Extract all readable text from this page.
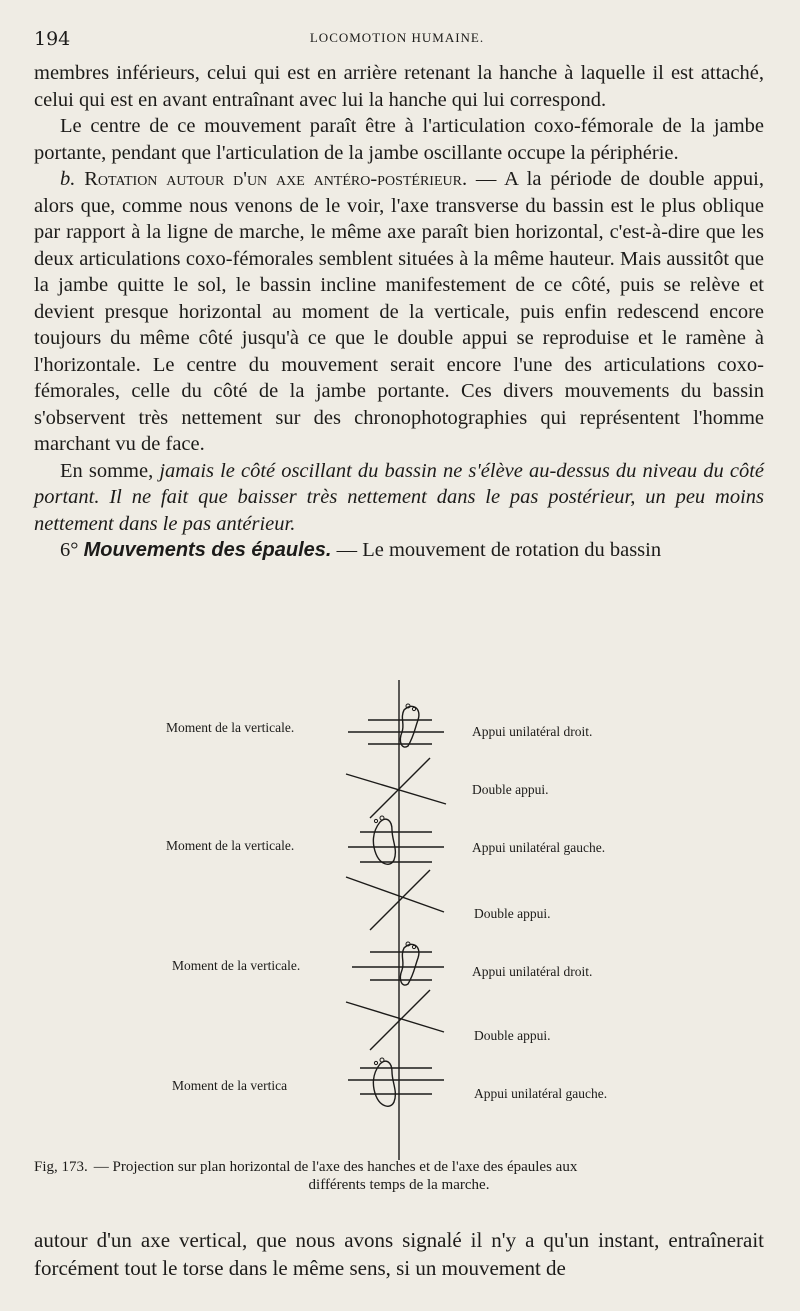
194	LOCOMOTION HUMAINE.

membres inférieurs, celui qui est en arrière retenant la hanche à laquelle il est attaché, celui qui est en avant entraînant avec lui la hanche qui lui correspond.

Le centre de ce mouvement paraît être à l'articulation coxo-fémorale de la jambe portante, pendant que l'articulation de la jambe oscillante occupe la périphérie.

b. Rotation autour d'un axe antéro-postérieur. — A la période de double appui, alors que, comme nous venons de le voir, l'axe transverse du bassin est le plus oblique par rapport à la ligne de marche, le même axe paraît bien horizontal, c'est-à-dire que les deux articulations coxo-fémorales semblent situées à la même hauteur. Mais aussitôt que la jambe quitte le sol, le bassin incline manifestement de ce côté, puis se relève et devient presque horizontal au moment de la verticale, puis enfin redescend encore toujours du même côté jusqu'à ce que le double appui se reproduise et le ramène à l'horizontale. Le centre du mouvement serait encore l'une des articulations coxo-fémorales, celle du côté de la jambe portante. Ces divers mouvements du bassin s'observent très nettement sur des chronophotographies qui représentent l'homme marchant vu de face.

En somme, jamais le côté oscillant du bassin ne s'élève au-dessus du niveau du côté portant. Il ne fait que baisser très nettement dans le pas postérieur, un peu moins nettement dans le pas antérieur.

6° Mouvements des épaules. — Le mouvement de rotation du bassin

Moment de la verticale.
Moment de la verticale.
Moment de la verticale.
Moment de la vertica
Appui unilatéral droit.
Double appui.
Appui unilatéral gauche.
Double appui.
Appui unilatéral droit.
Double appui.
Appui unilatéral gauche.
Fig, 173. — Projection sur plan horizontal de l'axe des hanches et de l'axe des épaules aux
différents temps de la marche.

autour d'un axe vertical, que nous avons signalé il n'y a qu'un instant, entraînerait forcément tout le torse dans le même sens, si un mouvement de
